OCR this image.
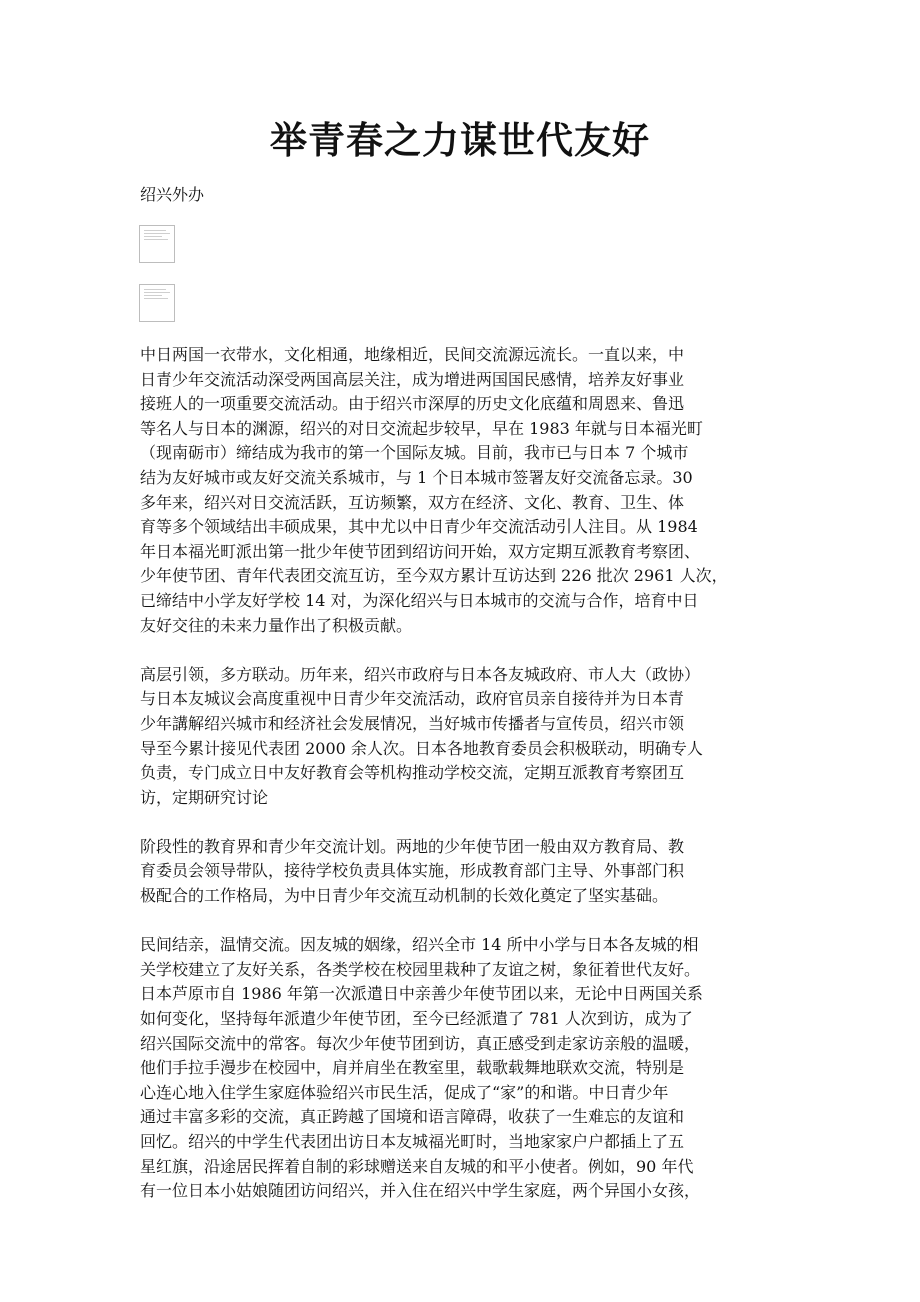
举青春之力谋世代友好

绍兴外办

中日两国一衣带水，文化相通，地缘相近，民间交流源远流长。一直以来，中
日青少年交流活动深受两国高层关注，成为增进两国国民感情，培养友好事业
接班人的一项重要交流活动。由于绍兴市深厚的历史文化底蕴和周恩来、鲁迅
等名人与日本的渊源，绍兴的对日交流起步较早，早在 1983 年就与日本福光町
（现南砺市）缔结成为我市的第一个国际友城。目前，我市已与日本 7 个城市
结为友好城市或友好交流关系城市，与 1 个日本城市签署友好交流备忘录。30
多年来，绍兴对日交流活跃，互访频繁，双方在经济、文化、教育、卫生、体
育等多个领域结出丰硕成果，其中尤以中日青少年交流活动引人注目。从 1984
年日本福光町派出第一批少年使节团到绍访问开始，双方定期互派教育考察团、
少年使节团、青年代表团交流互访，至今双方累计互访达到 226 批次 2961 人次，
已缔结中小学友好学校 14 对，为深化绍兴与日本城市的交流与合作，培育中日
友好交往的未来力量作出了积极贡献。

高层引领，多方联动。历年来，绍兴市政府与日本各友城政府、市人大（政协）
与日本友城议会高度重视中日青少年交流活动，政府官员亲自接待并为日本青
少年講解绍兴城市和经济社会发展情况，当好城市传播者与宣传员，绍兴市领
导至今累计接见代表团 2000 余人次。日本各地教育委员会积极联动，明确专人
负责，专门成立日中友好教育会等机构推动学校交流，定期互派教育考察团互
访，定期研究讨论

阶段性的教育界和青少年交流计划。两地的少年使节团一般由双方教育局、教
育委员会领导带队，接待学校负责具体实施，形成教育部门主导、外事部门积
极配合的工作格局，为中日青少年交流互动机制的长效化奠定了坚实基础。

民间结亲，温情交流。因友城的姻缘，绍兴全市 14 所中小学与日本各友城的相
关学校建立了友好关系，各类学校在校园里栽种了友谊之树，象征着世代友好。
日本芦原市自 1986 年第一次派遣日中亲善少年使节团以来，无论中日两国关系
如何变化，坚持每年派遣少年使节团，至今已经派遣了 781 人次到访，成为了
绍兴国际交流中的常客。每次少年使节团到访，真正感受到走家访亲般的温暖，
他们手拉手漫步在校园中，肩并肩坐在教室里，载歌载舞地联欢交流，特别是
心连心地入住学生家庭体验绍兴市民生活，促成了“家”的和谐。中日青少年
通过丰富多彩的交流，真正跨越了国境和语言障碍，收获了一生难忘的友谊和
回忆。绍兴的中学生代表团出访日本友城福光町时，当地家家户户都插上了五
星红旗，沿途居民挥着自制的彩球赠送来自友城的和平小使者。例如，90 年代
有一位日本小姑娘随团访问绍兴，并入住在绍兴中学生家庭，两个异国小女孩，
